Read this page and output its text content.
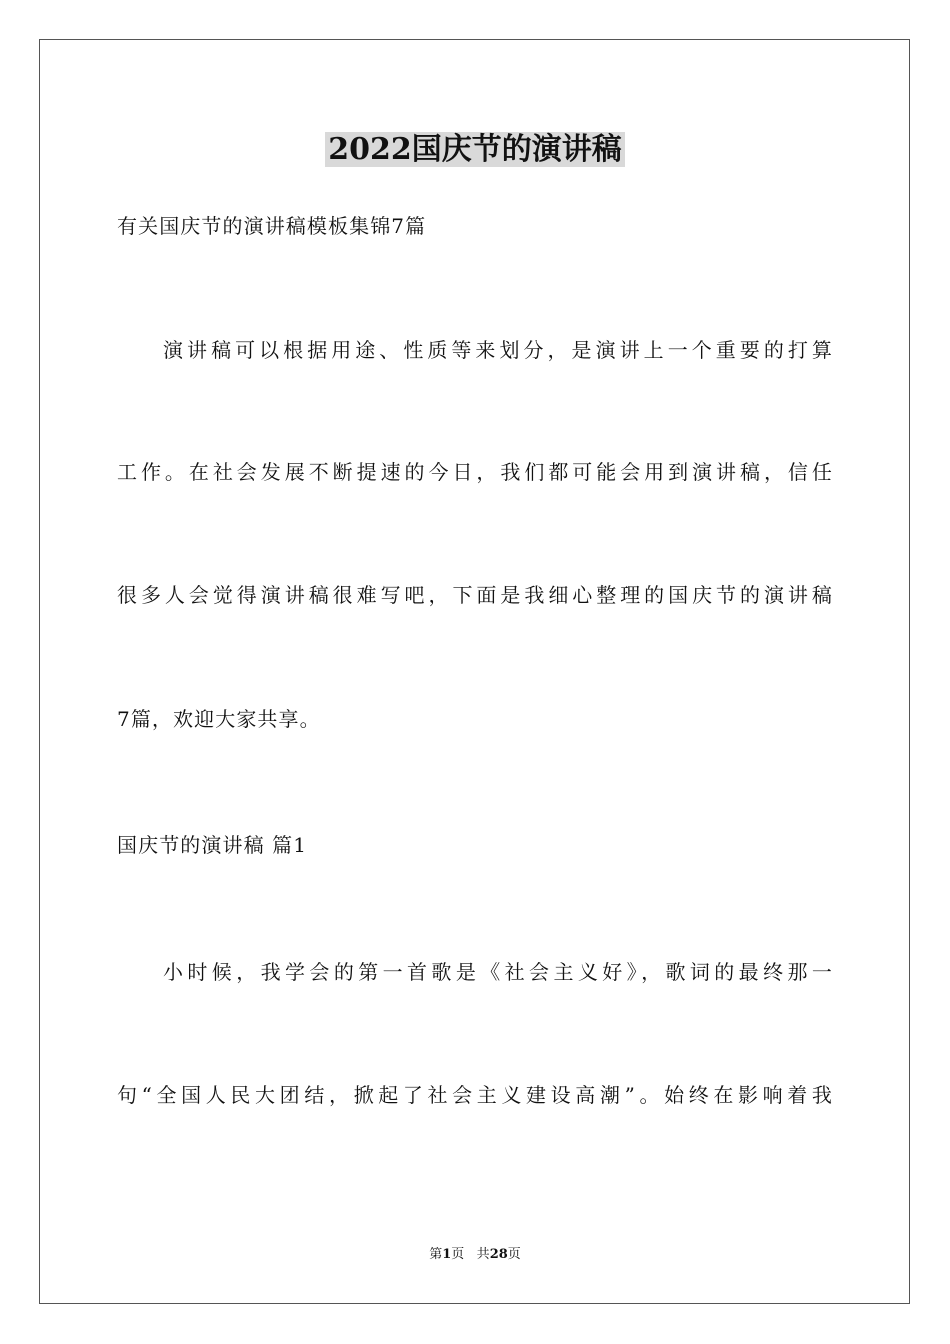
2022国庆节的演讲稿
有关国庆节的演讲稿模板集锦7篇
演讲稿可以根据用途、性质等来划分，是演讲上一个重要的打算
工作。在社会发展不断提速的今日，我们都可能会用到演讲稿，信任
很多人会觉得演讲稿很难写吧，下面是我细心整理的国庆节的演讲稿
7篇，欢迎大家共享。
国庆节的演讲稿 篇1
小时候，我学会的第一首歌是《社会主义好》，歌词的最终那一
句“全国人民大团结，掀起了社会主义建设高潮”。始终在影响着我
第1页 共28页
